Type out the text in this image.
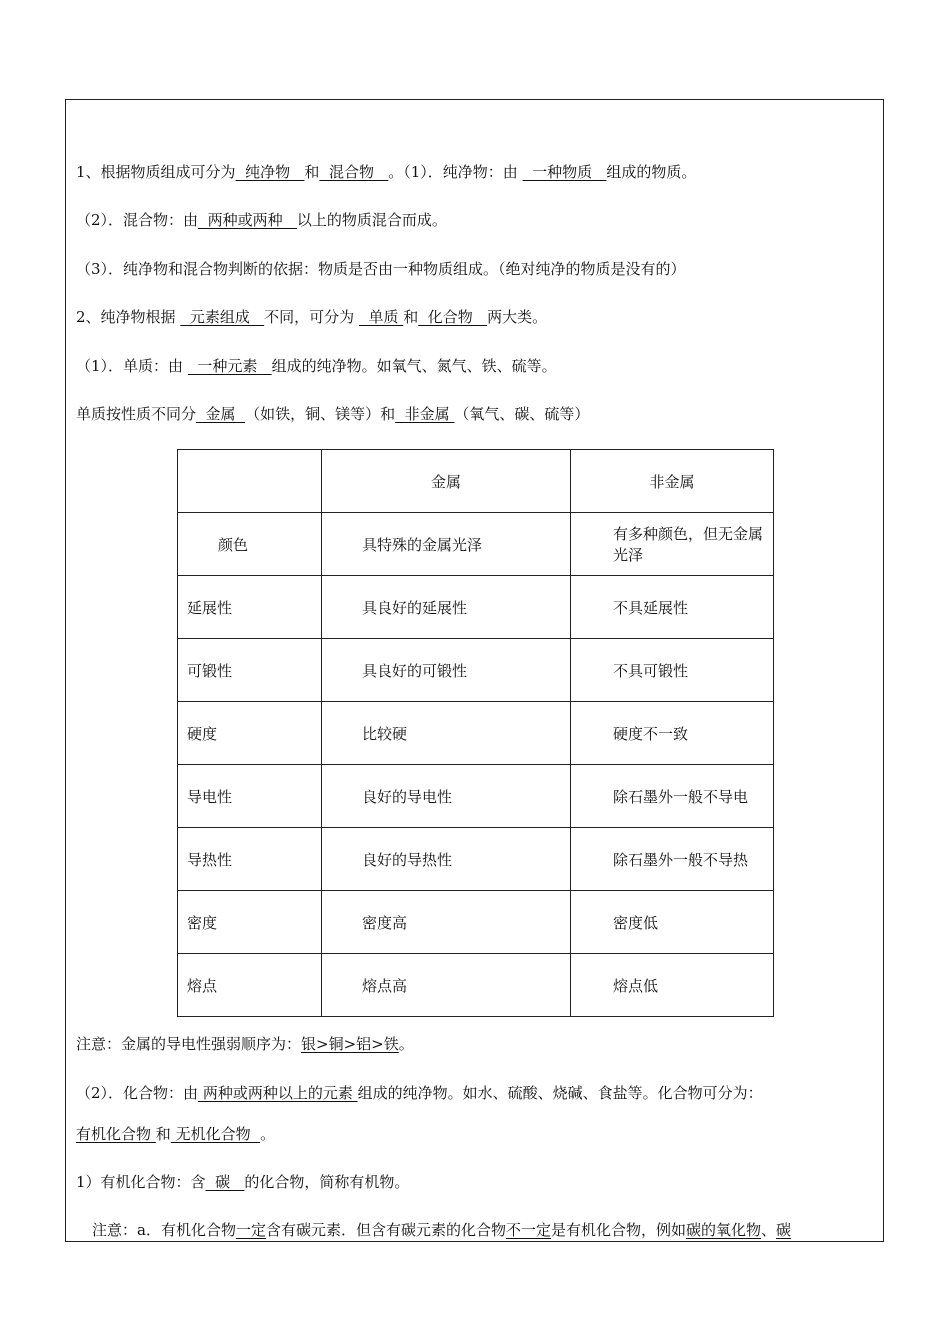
1、根据物质组成可分为  纯净物   和  混合物   。（1）．纯净物：由   一种物质   组成的物质。
（2）．混合物：由  两种或两种   以上的物质混合而成。
（3）．纯净物和混合物判断的依据：物质是否由一种物质组成。（绝对纯净的物质是没有的）
2、纯净物根据   元素组成   不同，可分为   单质 和  化合物   两大类。
（1）．单质：由   一种元素   组成的纯净物。如氧气、氮气、铁、硫等。
单质按性质不同分  金属  （如铁，铜、镁等）和  非金属 （氧气、碳、硫等）
	金属	非金属
颜色	具特殊的金属光泽	有多种颜色，但无金属光泽
延展性	具良好的延展性	不具延展性
可锻性	具良好的可锻性	不具可锻性
硬度	比较硬	硬度不一致
导电性	良好的导电性	除石墨外一般不导电
导热性	良好的导热性	除石墨外一般不导热
密度	密度高	密度低
熔点	熔点高	熔点低
注意：金属的导电性强弱顺序为：银>铜>铝>铁。
（2）．化合物：由 两种或两种以上的元素 组成的纯净物。如水、硫酸、烧碱、食盐等。化合物可分为：
有机化合物 和 无机化合物  。
1）有机化合物：含  碳   的化合物，简称有机物。
注意：a．有机化合物一定含有碳元素．但含有碳元素的化合物不一定是有机化合物，例如碳的氧化物、碳
